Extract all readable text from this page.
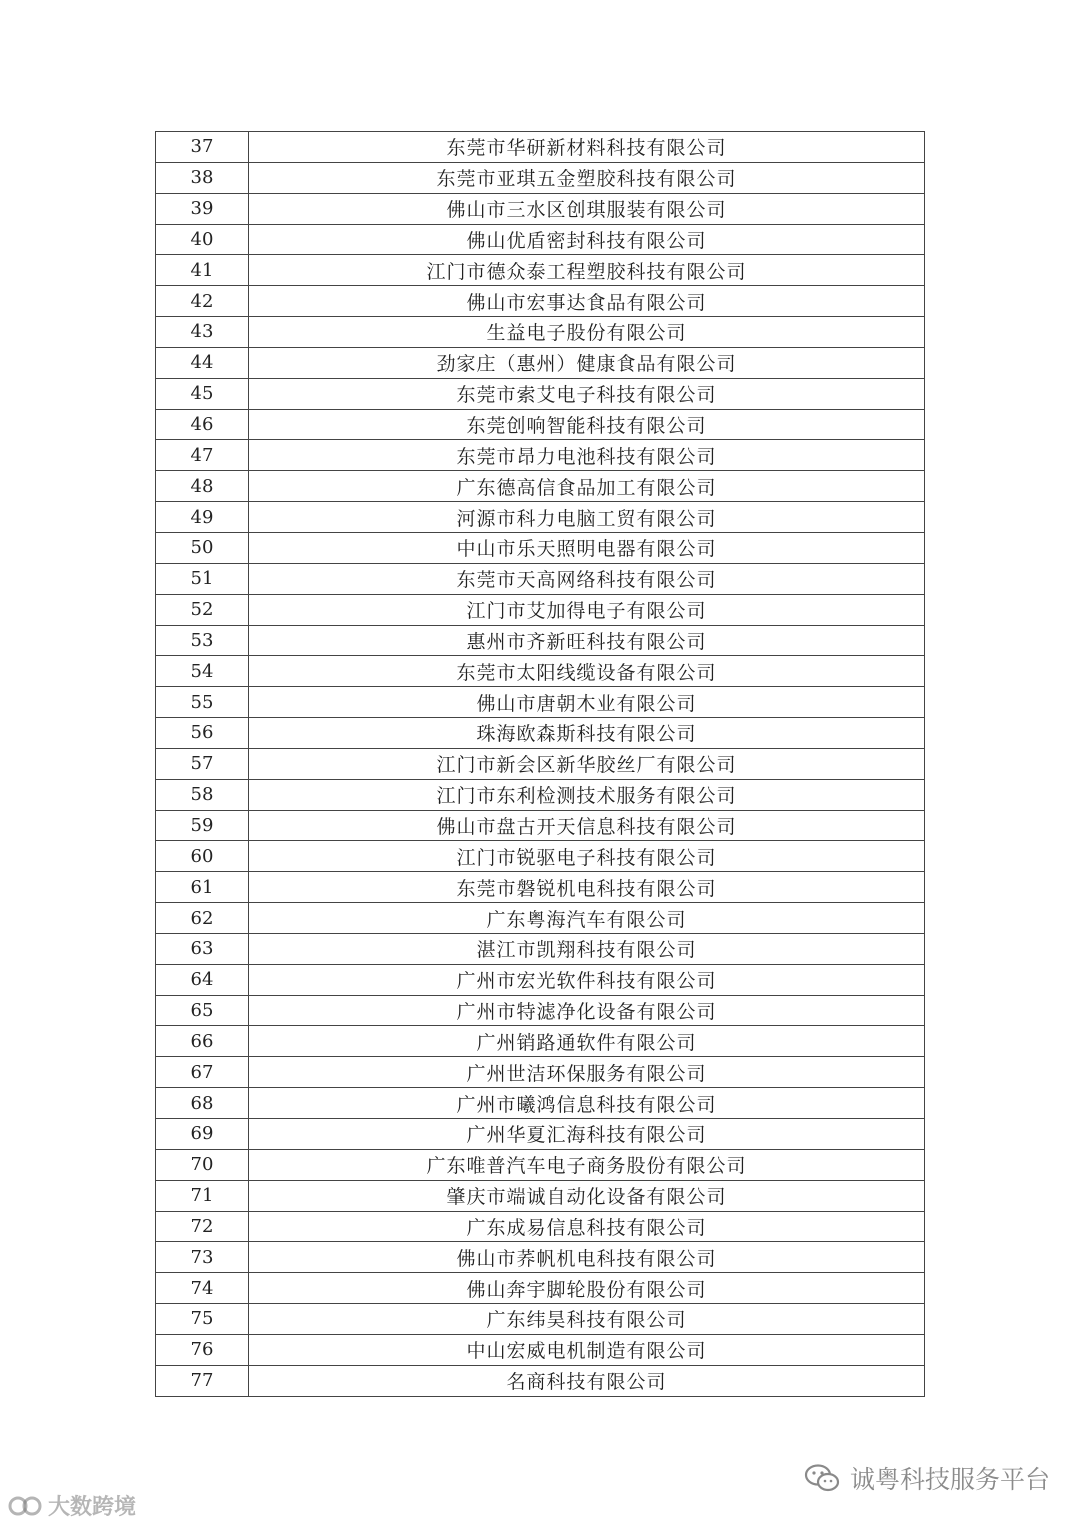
37	东莞市华研新材料科技有限公司
38	东莞市亚琪五金塑胶科技有限公司
39	佛山市三水区创琪服装有限公司
40	佛山优盾密封科技有限公司
41	江门市德众泰工程塑胶科技有限公司
42	佛山市宏事达食品有限公司
43	生益电子股份有限公司
44	劲家庄（惠州）健康食品有限公司
45	东莞市索艾电子科技有限公司
46	东莞创响智能科技有限公司
47	东莞市昂力电池科技有限公司
48	广东德高信食品加工有限公司
49	河源市科力电脑工贸有限公司
50	中山市乐天照明电器有限公司
51	东莞市天高网络科技有限公司
52	江门市艾加得电子有限公司
53	惠州市齐新旺科技有限公司
54	东莞市太阳线缆设备有限公司
55	佛山市唐朝木业有限公司
56	珠海欧森斯科技有限公司
57	江门市新会区新华胶丝厂有限公司
58	江门市东利检测技术服务有限公司
59	佛山市盘古开天信息科技有限公司
60	江门市锐驱电子科技有限公司
61	东莞市磐锐机电科技有限公司
62	广东粤海汽车有限公司
63	湛江市凯翔科技有限公司
64	广州市宏光软件科技有限公司
65	广州市特滤净化设备有限公司
66	广州销路通软件有限公司
67	广州世洁环保服务有限公司
68	广州市曦鸿信息科技有限公司
69	广州华夏汇海科技有限公司
70	广东唯普汽车电子商务股份有限公司
71	肇庆市端诚自动化设备有限公司
72	广东成易信息科技有限公司
73	佛山市荞帆机电科技有限公司
74	佛山奔宇脚轮股份有限公司
75	广东纬昊科技有限公司
76	中山宏威电机制造有限公司
77	名商科技有限公司
大数跨境
诚粤科技服务平台
